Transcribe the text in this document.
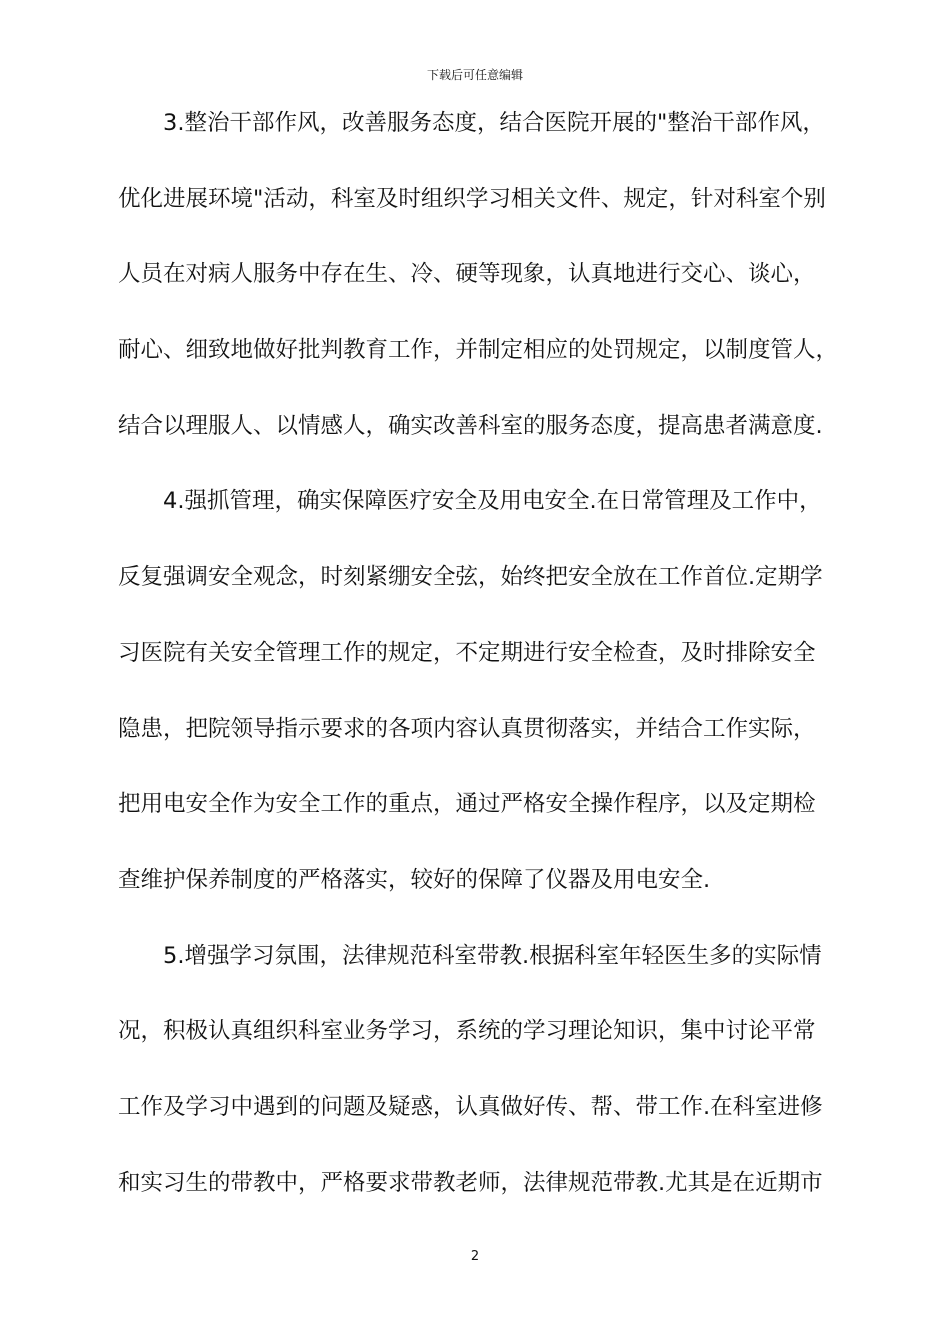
下载后可任意编辑
3.整治干部作风，改善服务态度，结合医院开展的"整治干部作风，
优化进展环境"活动，科室及时组织学习相关文件、规定，针对科室个别
人员在对病人服务中存在生、冷、硬等现象，认真地进行交心、谈心，
耐心、细致地做好批判教育工作，并制定相应的处罚规定，以制度管人，
结合以理服人、以情感人，确实改善科室的服务态度，提高患者满意度.
4.强抓管理，确实保障医疗安全及用电安全.在日常管理及工作中，
反复强调安全观念，时刻紧绷安全弦，始终把安全放在工作首位.定期学
习医院有关安全管理工作的规定，不定期进行安全检查，及时排除安全
隐患，把院领导指示要求的各项内容认真贯彻落实，并结合工作实际，
把用电安全作为安全工作的重点，通过严格安全操作程序，以及定期检
查维护保养制度的严格落实，较好的保障了仪器及用电安全.
5.增强学习氛围，法律规范科室带教.根据科室年轻医生多的实际情
况，积极认真组织科室业务学习，系统的学习理论知识，集中讨论平常
工作及学习中遇到的问题及疑惑，认真做好传、帮、带工作.在科室进修
和实习生的带教中，严格要求带教老师，法律规范带教.尤其是在近期市
2
